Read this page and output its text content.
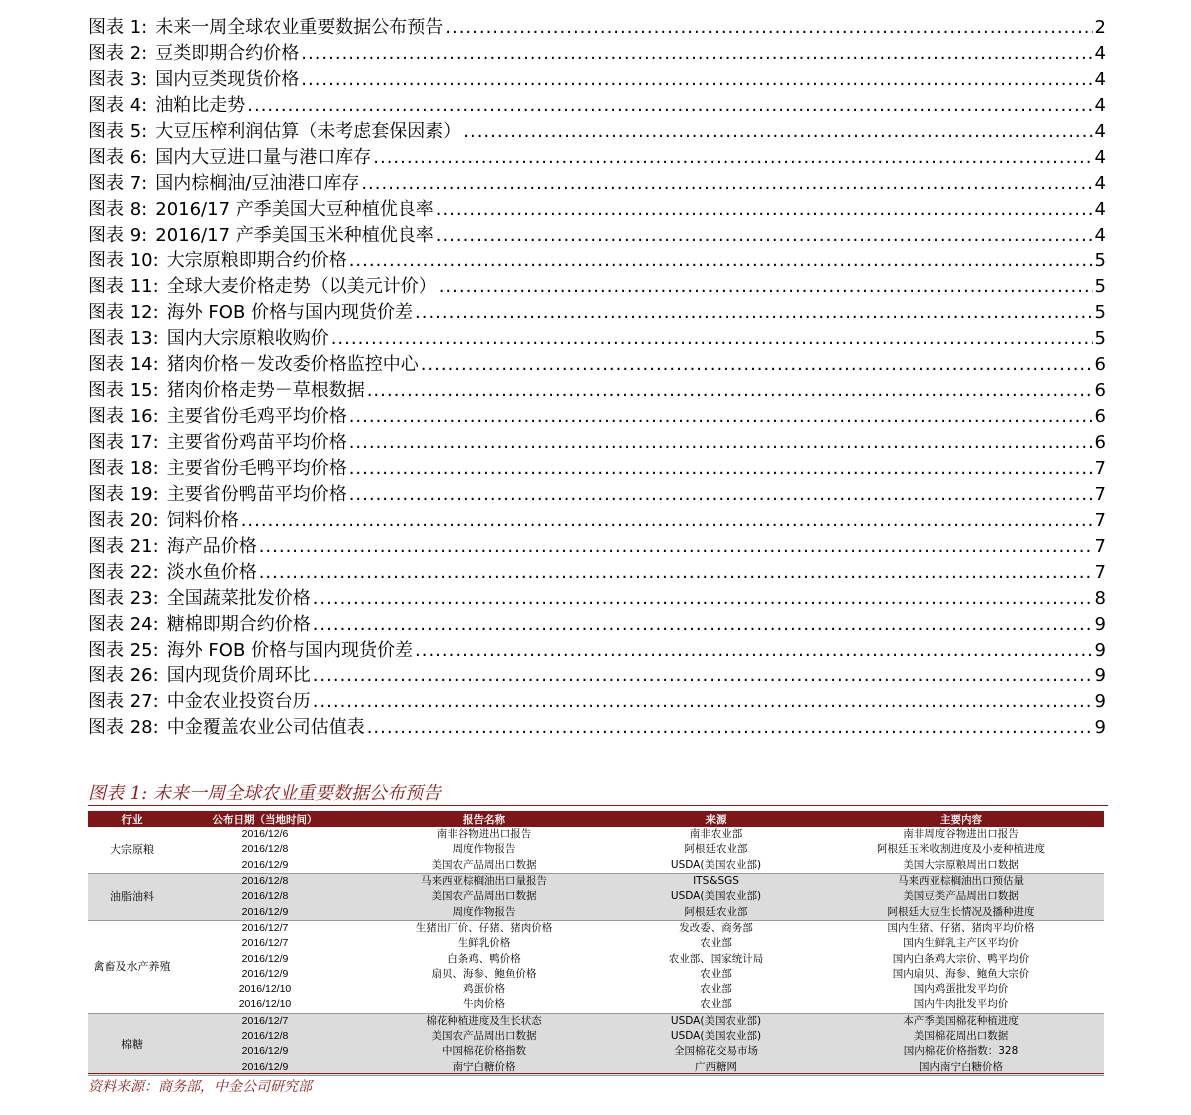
图表 1: 未来一周全球农业重要数据公布预告 .....	2
图表 2: 豆类即期合约价格 .....	4
图表 3: 国内豆类现货价格 .....	4
图表 4: 油粕比走势 .....	4
图表 5: 大豆压榨利润估算（未考虑套保因素） .....	4
图表 6: 国内大豆进口量与港口库存 .....	4
图表 7: 国内棕榈油/豆油港口库存 .....	4
图表 8: 2016/17 产季美国大豆种植优良率 .....	4
图表 9: 2016/17 产季美国玉米种植优良率 .....	4
图表 10: 大宗原粮即期合约价格 .....	5
图表 11: 全球大麦价格走势（以美元计价） .....	5
图表 12: 海外 FOB 价格与国内现货价差 .....	5
图表 13: 国内大宗原粮收购价 .....	5
图表 14: 猪肉价格－发改委价格监控中心 .....	6
图表 15: 猪肉价格走势－草根数据 .....	6
图表 16: 主要省份毛鸡平均价格 .....	6
图表 17: 主要省份鸡苗平均价格 .....	6
图表 18: 主要省份毛鸭平均价格 .....	7
图表 19: 主要省份鸭苗平均价格 .....	7
图表 20: 饲料价格 .....	7
图表 21: 海产品价格 .....	7
图表 22: 淡水鱼价格 .....	7
图表 23: 全国蔬菜批发价格 .....	8
图表 24: 糖棉即期合约价格 .....	9
图表 25: 海外 FOB 价格与国内现货价差 .....	9
图表 26: 国内现货价周环比 .....	9
图表 27: 中金农业投资台历 .....	9
图表 28: 中金覆盖农业公司估值表 .....	9
图表 1: 未来一周全球农业重要数据公布预告
行业	公布日期（当地时间）	报告名称	来源	主要内容
大宗原粮	2016/12/6	南非谷物进出口报告	南非农业部	南非周度谷物进出口报告
	2016/12/8	周度作物报告	阿根廷农业部	阿根廷玉米收割进度及小麦种植进度
	2016/12/9	美国农产品周出口数据	USDA(美国农业部)	美国大宗原粮周出口数据
油脂油料	2016/12/8	马来西亚棕榈油出口量报告	ITS&SGS	马来西亚棕榈油出口预估量
	2016/12/8	美国农产品周出口数据	USDA(美国农业部)	美国豆类产品周出口数据
	2016/12/9	周度作物报告	阿根廷农业部	阿根廷大豆生长情况及播种进度
禽畜及水产养殖	2016/12/7	生猪出厂价、仔猪、猪肉价格	发改委、商务部	国内生猪、仔猪、猪肉平均价格
	2016/12/7	生鲜乳价格	农业部	国内生鲜乳主产区平均价
	2016/12/9	白条鸡、鸭价格	农业部、国家统计局	国内白条鸡大宗价、鸭平均价
	2016/12/9	扇贝、海参、鲍鱼价格	农业部	国内扇贝、海参、鲍鱼大宗价
	2016/12/10	鸡蛋价格	农业部	国内鸡蛋批发平均价
	2016/12/10	牛肉价格	农业部	国内牛肉批发平均价
棉糖	2016/12/7	棉花种植进度及生长状态	USDA(美国农业部)	本产季美国棉花种植进度
	2016/12/8	美国农产品周出口数据	USDA(美国农业部)	美国棉花周出口数据
	2016/12/9	中国棉花价格指数	全国棉花交易市场	国内棉花价格指数：328
	2016/12/9	南宁白糖价格	广西糖网	国内南宁白糖价格
资料来源：商务部，中金公司研究部
